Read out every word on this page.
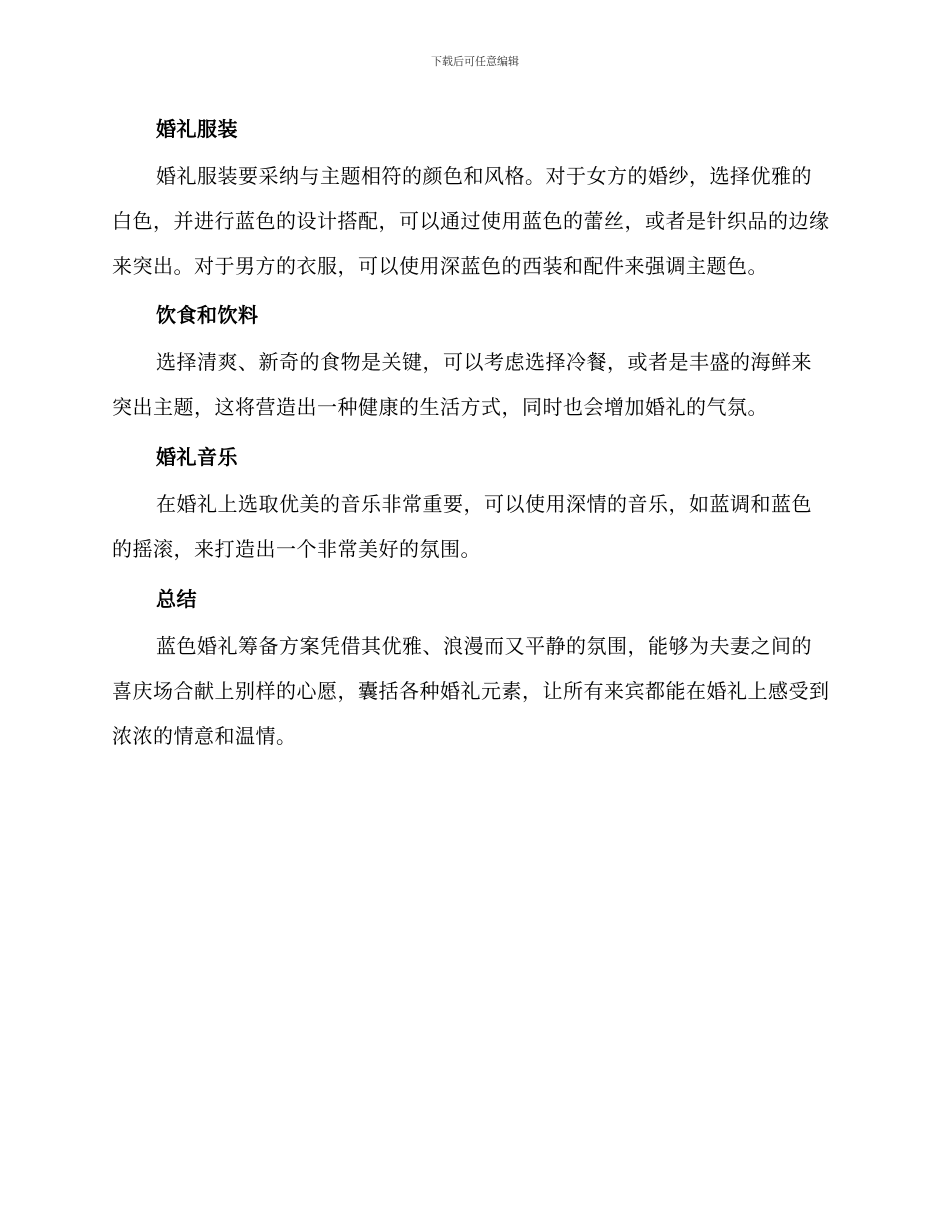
下载后可任意编辑
婚礼服装

婚礼服装要采纳与主题相符的颜色和风格。对于女方的婚纱，选择优雅的白色，并进行蓝色的设计搭配，可以通过使用蓝色的蕾丝，或者是针织品的边缘来突出。对于男方的衣服，可以使用深蓝色的西装和配件来强调主题色。

饮食和饮料

选择清爽、新奇的食物是关键，可以考虑选择冷餐，或者是丰盛的海鲜来突出主题，这将营造出一种健康的生活方式，同时也会增加婚礼的气氛。

婚礼音乐

在婚礼上选取优美的音乐非常重要，可以使用深情的音乐，如蓝调和蓝色的摇滚，来打造出一个非常美好的氛围。

总结

蓝色婚礼筹备方案凭借其优雅、浪漫而又平静的氛围，能够为夫妻之间的喜庆场合献上别样的心愿，囊括各种婚礼元素，让所有来宾都能在婚礼上感受到浓浓的情意和温情。
